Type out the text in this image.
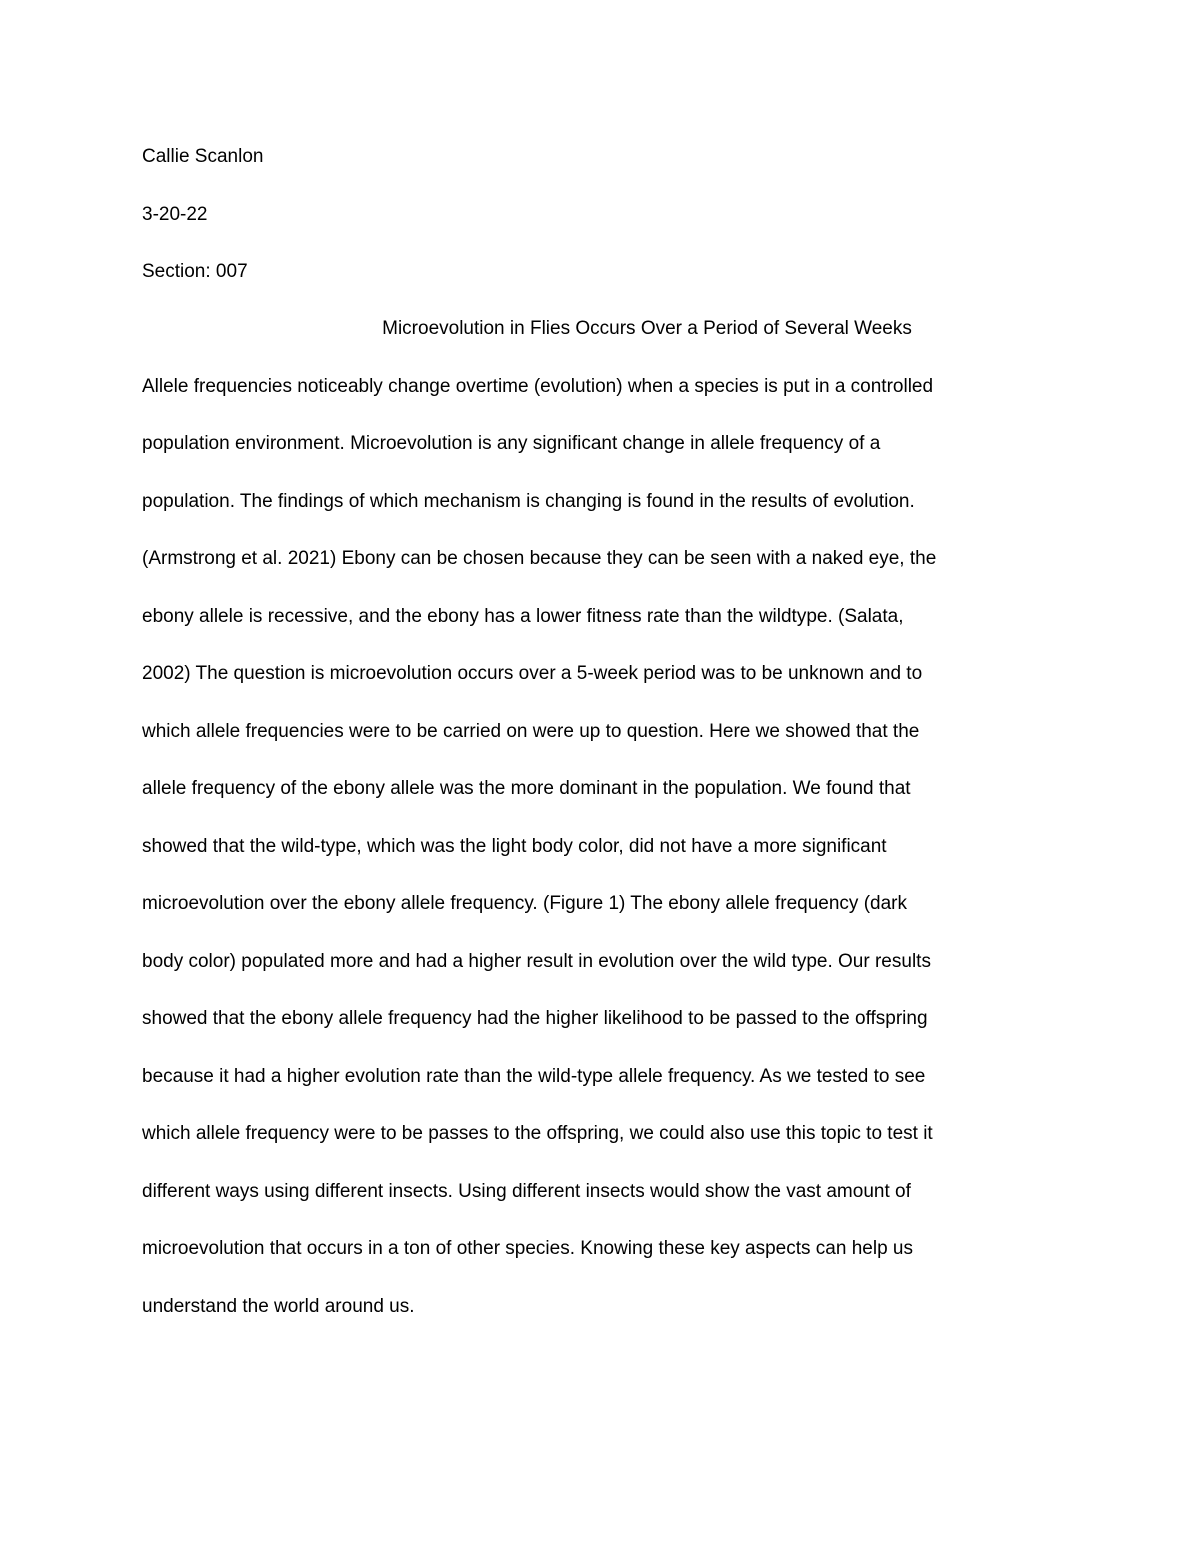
Callie Scanlon
3-20-22
Section: 007
Microevolution in Flies Occurs Over a Period of Several Weeks
Allele frequencies noticeably change overtime (evolution) when a species is put in a controlled
population environment. Microevolution is any significant change in allele frequency of a
population. The findings of which mechanism is changing is found in the results of evolution.
(Armstrong et al. 2021) Ebony can be chosen because they can be seen with a naked eye, the
ebony allele is recessive, and the ebony has a lower fitness rate than the wildtype. (Salata,
2002) The question is microevolution occurs over a 5-week period was to be unknown and to
which allele frequencies were to be carried on were up to question. Here we showed that the
allele frequency of the ebony allele was the more dominant in the population. We found that
showed that the wild-type, which was the light body color, did not have a more significant
microevolution over the ebony allele frequency. (Figure 1) The ebony allele frequency (dark
body color) populated more and had a higher result in evolution over the wild type. Our results
showed that the ebony allele frequency had the higher likelihood to be passed to the offspring
because it had a higher evolution rate than the wild-type allele frequency. As we tested to see
which allele frequency were to be passes to the offspring, we could also use this topic to test it
different ways using different insects. Using different insects would show the vast amount of
microevolution that occurs in a ton of other species. Knowing these key aspects can help us
understand the world around us.
